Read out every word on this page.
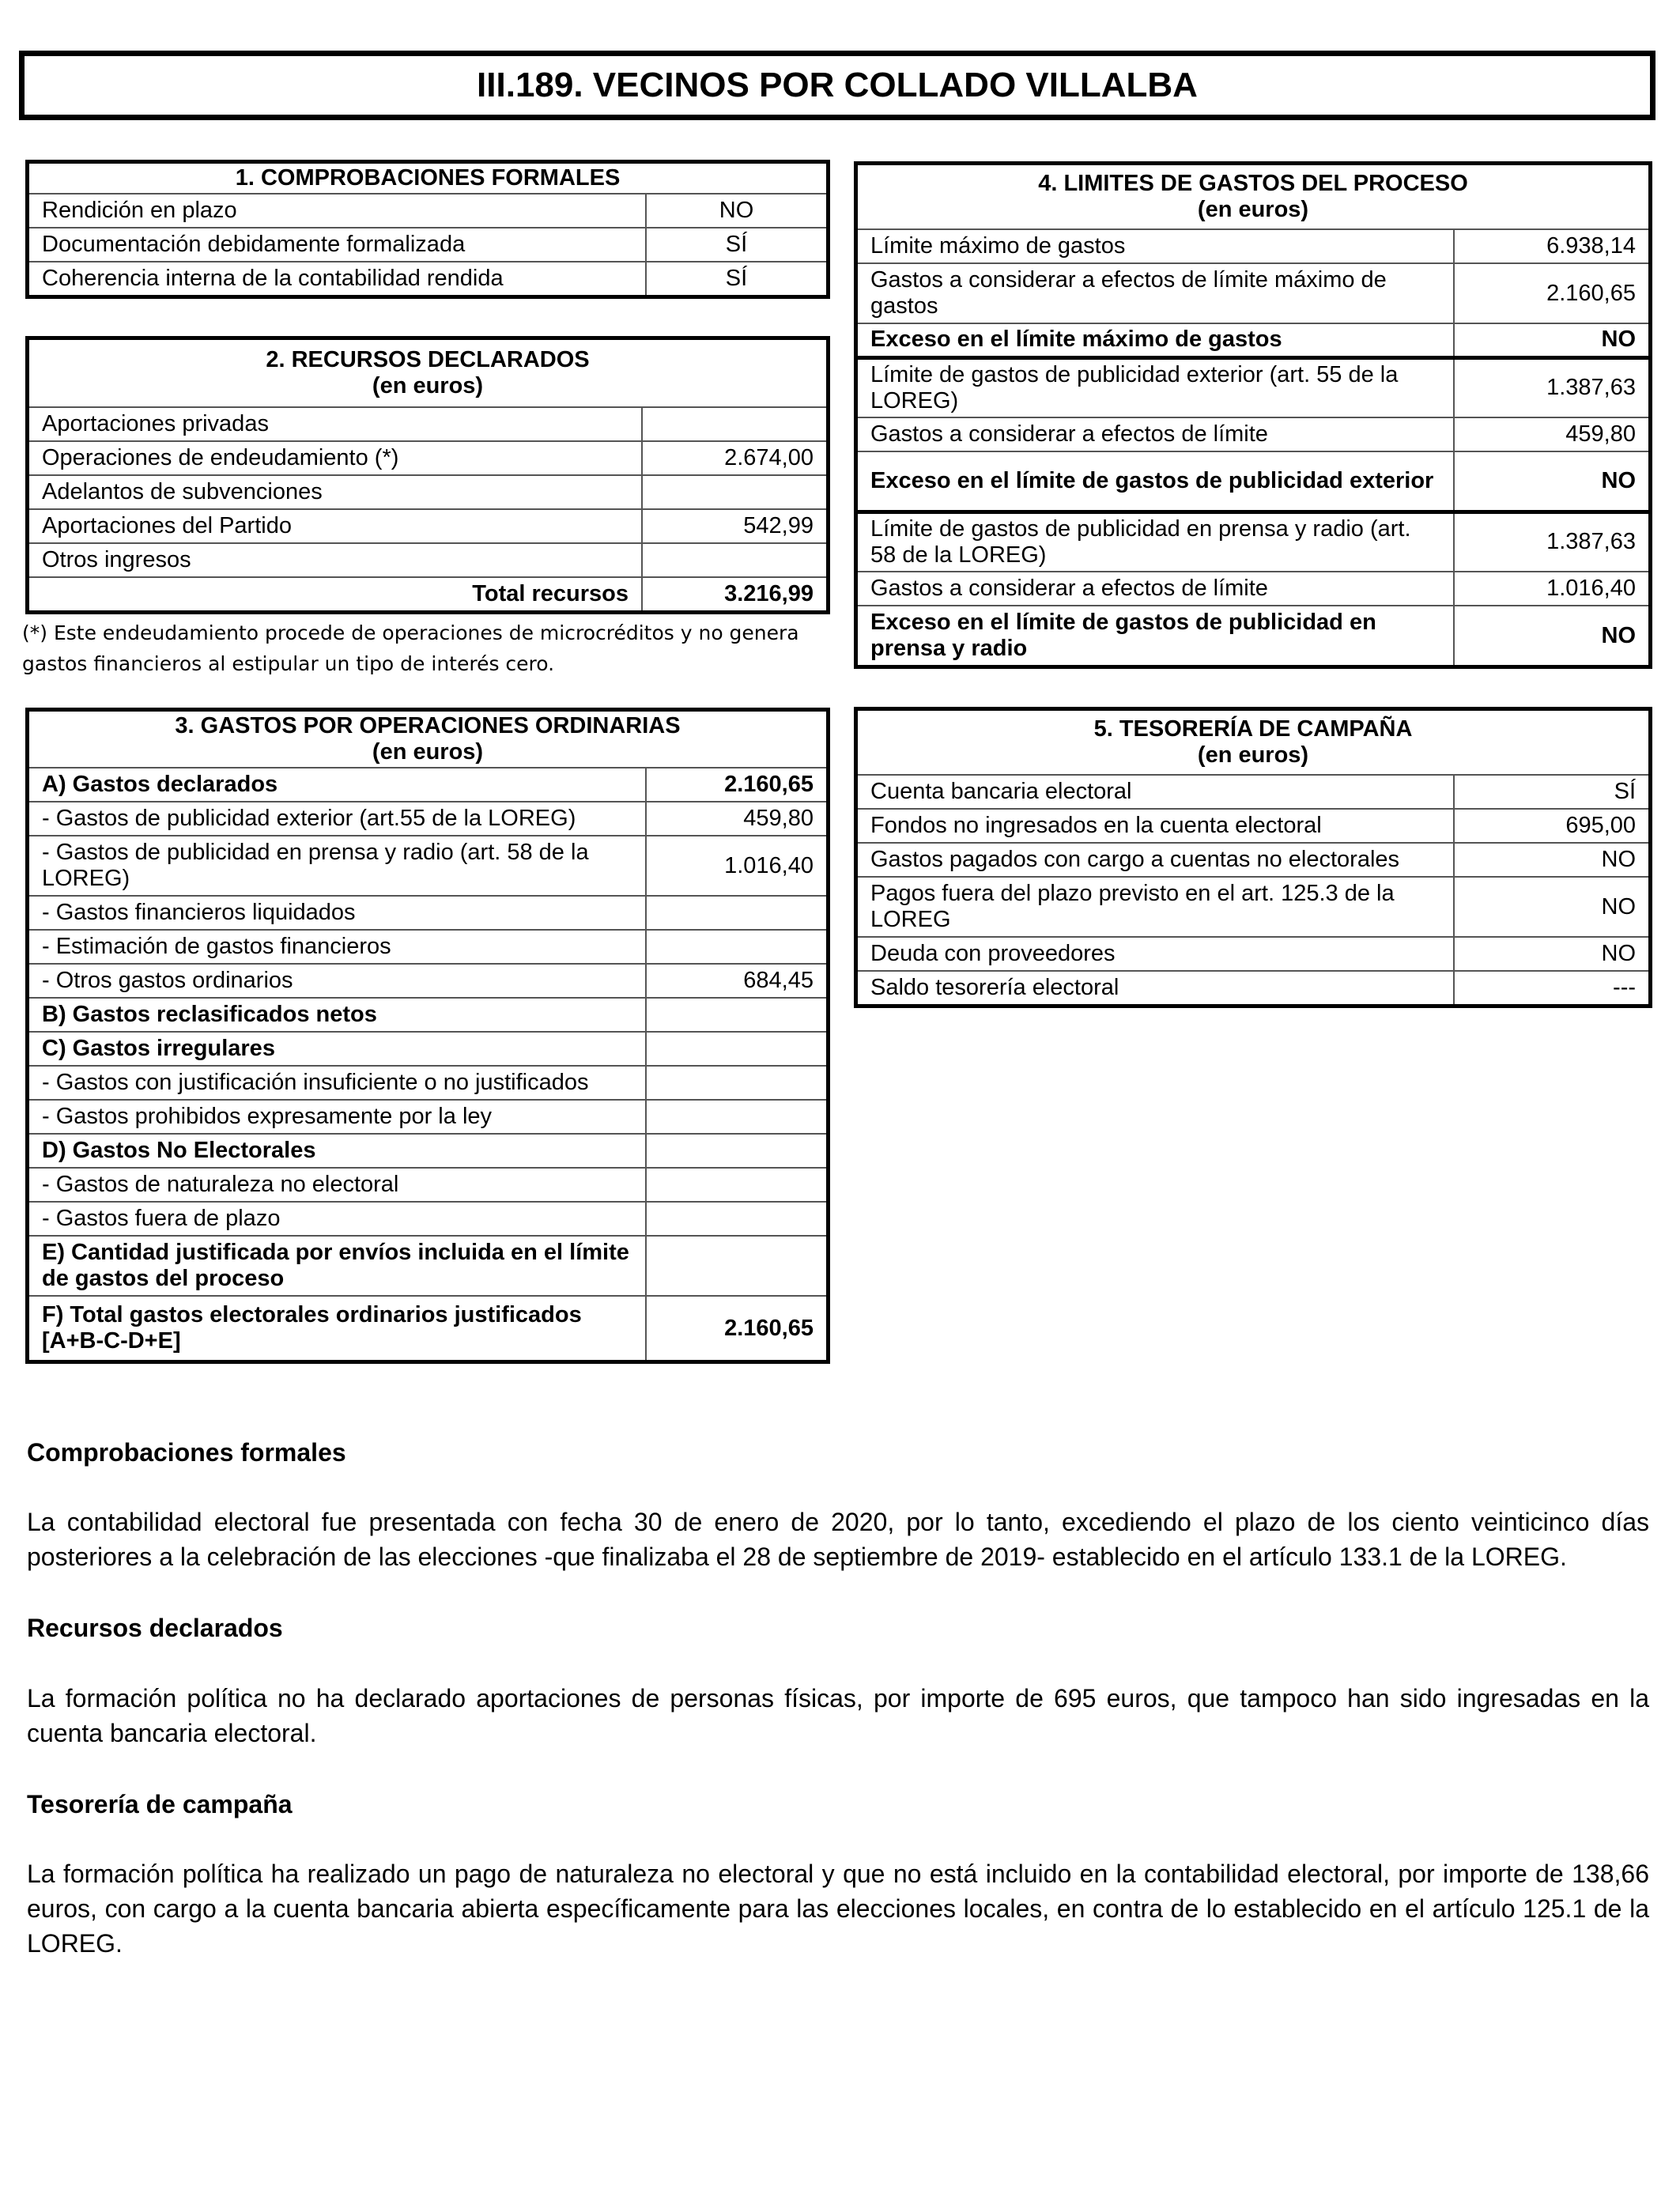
III.189. VECINOS POR COLLADO VILLALBA
1. COMPROBACIONES FORMALES	
Rendición en plazo	NO
Documentación debidamente formalizada	SÍ
Coherencia interna de la contabilidad rendida	SÍ
2. RECURSOS DECLARADOS
(en euros)	

Aportaciones privadas	
Operaciones de endeudamiento (*)	2.674,00
Adelantos de subvenciones	
Aportaciones del Partido	542,99
Otros ingresos	
Total recursos	3.216,99
(*) Este endeudamiento procede de operaciones de microcréditos y no genera gastos financieros al estipular un tipo de interés cero.
3. GASTOS POR OPERACIONES ORDINARIAS
(en euros)	

A) Gastos declarados	2.160,65
- Gastos de publicidad exterior (art.55 de la LOREG)	459,80
- Gastos de publicidad en prensa y radio (art. 58 de la LOREG)	1.016,40
- Gastos financieros liquidados	
- Estimación de gastos financieros	
- Otros gastos ordinarios	684,45
B) Gastos reclasificados netos	
C) Gastos irregulares	
- Gastos con justificación insuficiente o no justificados	
- Gastos prohibidos expresamente por la ley	
D) Gastos No Electorales	
- Gastos de naturaleza no electoral	
- Gastos fuera de plazo	
E) Cantidad justificada por envíos incluida en el límite de gastos del proceso	
F) Total gastos electorales ordinarios justificados [A+B-C-D+E]	2.160,65
4. LIMITES DE GASTOS DEL PROCESO
(en euros)	

Límite máximo de gastos	6.938,14
Gastos a considerar a efectos de límite máximo de gastos	2.160,65
Exceso en el límite máximo de gastos	NO
Límite de gastos de publicidad exterior (art. 55 de la LOREG)	1.387,63
Gastos a considerar a efectos de límite	459,80
Exceso en el límite de gastos de publicidad exterior	NO
Límite de gastos de publicidad en prensa y radio (art. 58 de la LOREG)	1.387,63
Gastos a considerar a efectos de límite	1.016,40
Exceso en el límite de gastos de publicidad en prensa y radio	NO
5. TESORERÍA DE CAMPAÑA
(en euros)	

Cuenta bancaria electoral	SÍ
Fondos no ingresados en la cuenta electoral	695,00
Gastos pagados con cargo a cuentas no electorales	NO
Pagos fuera del plazo previsto en el art. 125.3 de la LOREG	NO
Deuda con proveedores	NO
Saldo tesorería electoral	---
Comprobaciones formales

La contabilidad electoral fue presentada con fecha 30 de enero de 2020, por lo tanto, excediendo el plazo de los ciento veinticinco días posteriores a la celebración de las elecciones -que finalizaba el 28 de septiembre de 2019- establecido en el artículo 133.1 de la LOREG.

Recursos declarados

La formación política no ha declarado aportaciones de personas físicas, por importe de 695 euros, que tampoco han sido ingresadas en la cuenta bancaria electoral.

Tesorería de campaña

La formación política ha realizado un pago de naturaleza no electoral y que no está incluido en la contabilidad electoral, por importe de 138,66 euros, con cargo a la cuenta bancaria abierta específicamente para las elecciones locales, en contra de lo establecido en el artículo 125.1 de la LOREG.
